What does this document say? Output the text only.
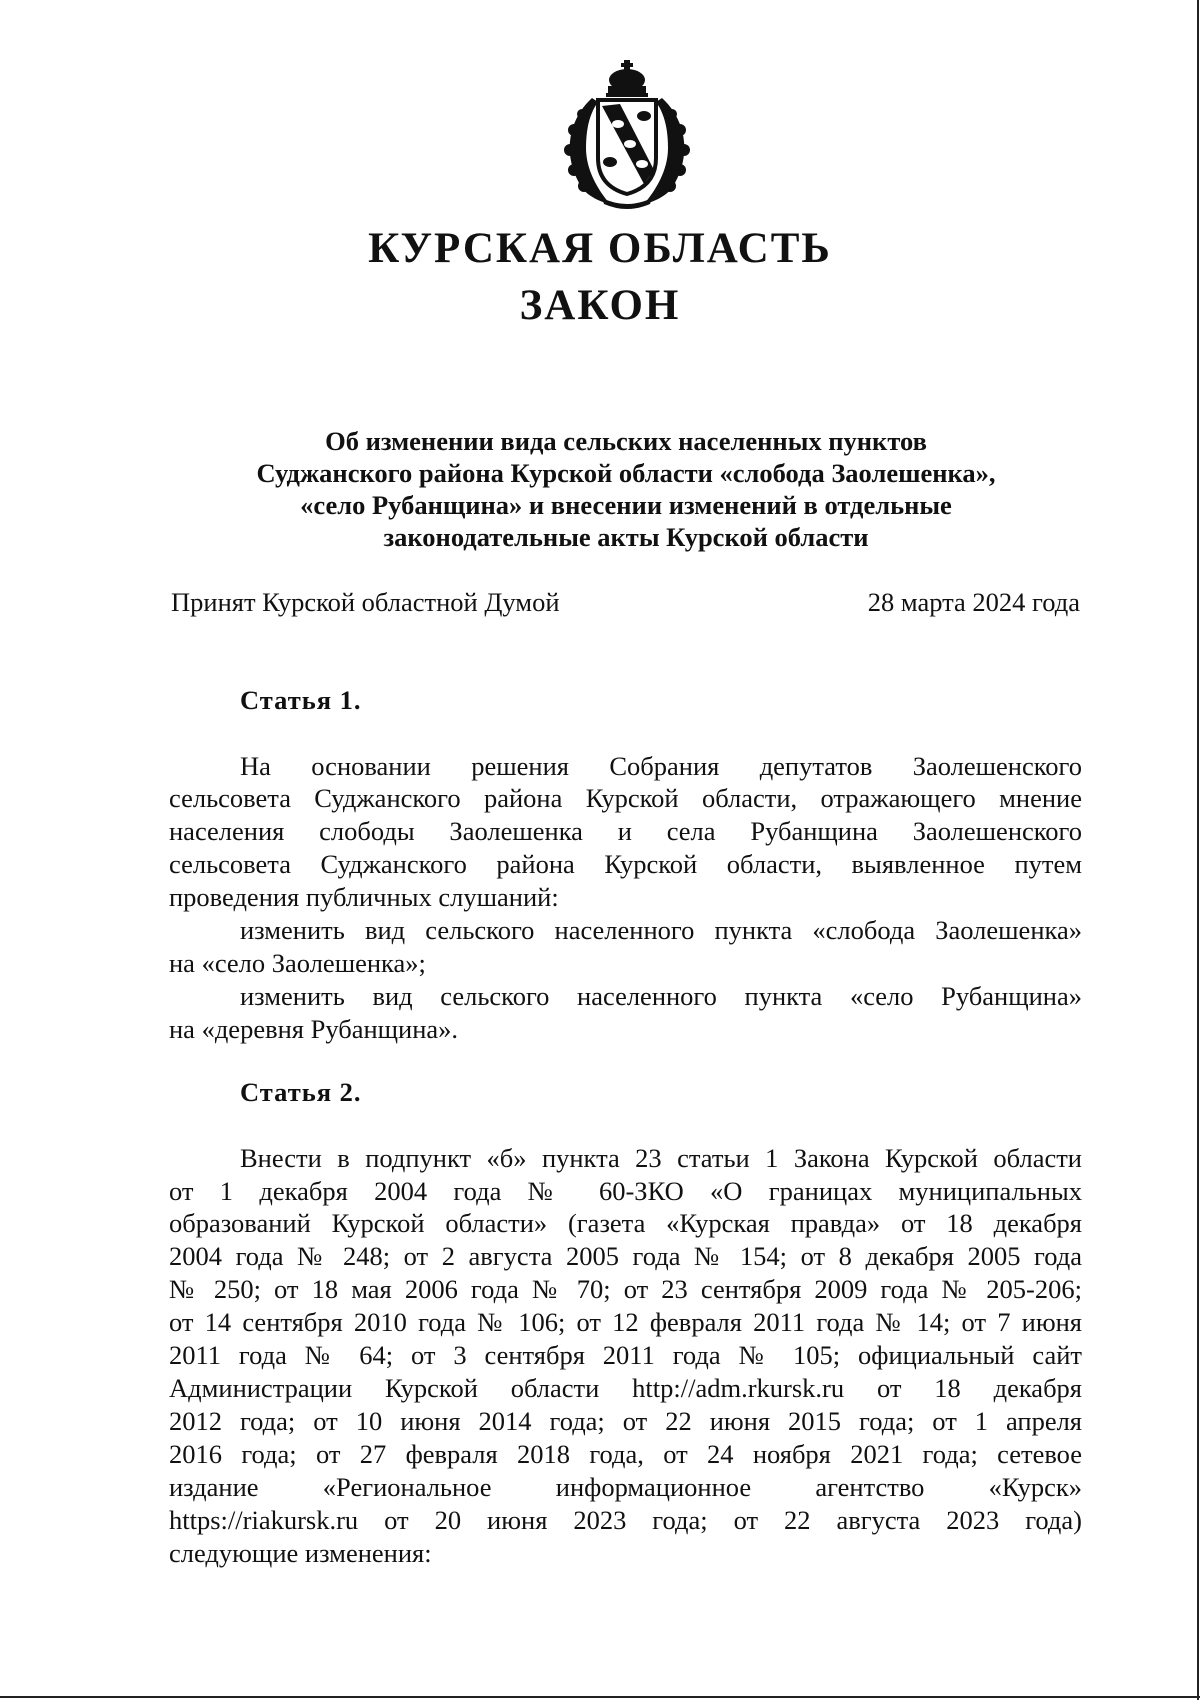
КУРСКАЯ ОБЛАСТЬ
ЗАКОН
Об изменении вида сельских населенных пунктов
Суджанского района Курской области «слобода Заолешенка»,
«село Рубанщина» и внесении изменений в отдельные
законодательные акты Курской области
Принят Курской областной Думой	28 марта 2024 года
Статья 1.
На основании решения Собрания депутатов Заолешенского
сельсовета Суджанского района Курской области, отражающего мнение
населения слободы Заолешенка и села Рубанщина Заолешенского
сельсовета Суджанского района Курской области, выявленное путем
проведения публичных слушаний:
изменить вид сельского населенного пункта «слобода Заолешенка»
на «село Заолешенка»;
изменить вид сельского населенного пункта «село Рубанщина»
на «деревня Рубанщина».
Статья 2.
Внести в подпункт «б» пункта 23 статьи 1 Закона Курской области
от 1 декабря 2004 года № 60-ЗКО «О границах муниципальных
образований Курской области» (газета «Курская правда» от 18 декабря
2004 года № 248; от 2 августа 2005 года № 154; от 8 декабря 2005 года
№ 250; от 18 мая 2006 года № 70; от 23 сентября 2009 года № 205-206;
от 14 сентября 2010 года № 106; от 12 февраля 2011 года № 14; от 7 июня
2011 года № 64; от 3 сентября 2011 года № 105; официальный сайт
Администрации Курской области http://adm.rkursk.ru от 18 декабря
2012 года; от 10 июня 2014 года; от 22 июня 2015 года; от 1 апреля
2016 года; от 27 февраля 2018 года, от 24 ноября 2021 года; сетевое
издание «Региональное информационное агентство «Курск»
https://riakursk.ru от 20 июня 2023 года; от 22 августа 2023 года)
следующие изменения:
